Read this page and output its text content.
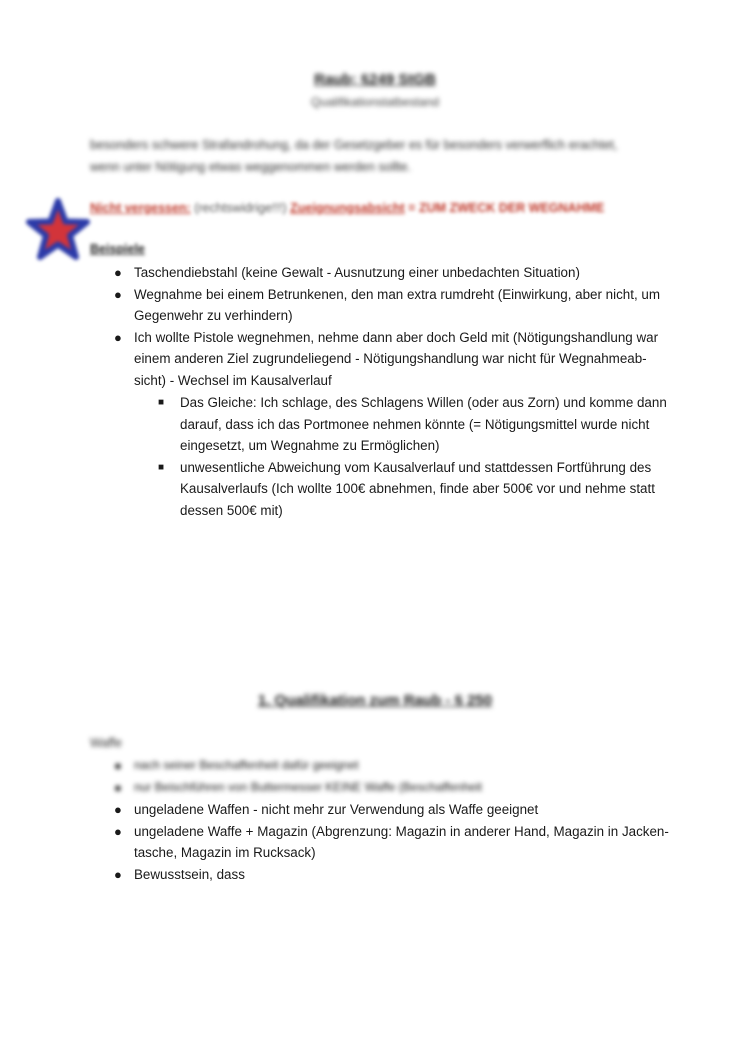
Raub; §249 StGB
Qualifikationstatbestand
besonders schwere Strafandrohung, da der Gesetzgeber es für besonders verwerflich erachtet,
wenn unter Nötigung etwas weggenommen werden sollte.
Nicht vergessen: (rechtswidrige!!!) Zueignungsabsicht = ZUM ZWECK DER WEGNAHME
Beispiele
● Taschendiebstahl (keine Gewalt - Ausnutzung einer unbedachten Situation)
● Wegnahme bei einem Betrunkenen, den man extra rumdreht (Einwirkung, aber nicht, um
Gegenwehr zu verhindern)
● Ich wollte Pistole wegnehmen, nehme dann aber doch Geld mit (Nötigungshandlung war
einem anderen Ziel zugrundeliegend - Nötigungshandlung war nicht für Wegnahmeab-
sicht) - Wechsel im Kausalverlauf
■ Das Gleiche: Ich schlage, des Schlagens Willen (oder aus Zorn) und komme dann
darauf, dass ich das Portmonee nehmen könnte (= Nötigungsmittel wurde nicht
eingesetzt, um Wegnahme zu Ermöglichen)
■ unwesentliche Abweichung vom Kausalverlauf und stattdessen Fortführung des
Kausalverlaufs (Ich wollte 100€ abnehmen, finde aber 500€ vor und nehme statt
dessen 500€ mit)
1. Qualifikation zum Raub - § 250
Waffe
● nach seiner Beschaffenheit dafür geeignet
● nur Beischführen von Buttermesser KEINE Waffe (Beschaffenheit
● ungeladene Waffen - nicht mehr zur Verwendung als Waffe geeignet
● ungeladene Waffe + Magazin (Abgrenzung: Magazin in anderer Hand, Magazin in Jacken-
tasche, Magazin im Rucksack)
● Bewusstsein, dass
